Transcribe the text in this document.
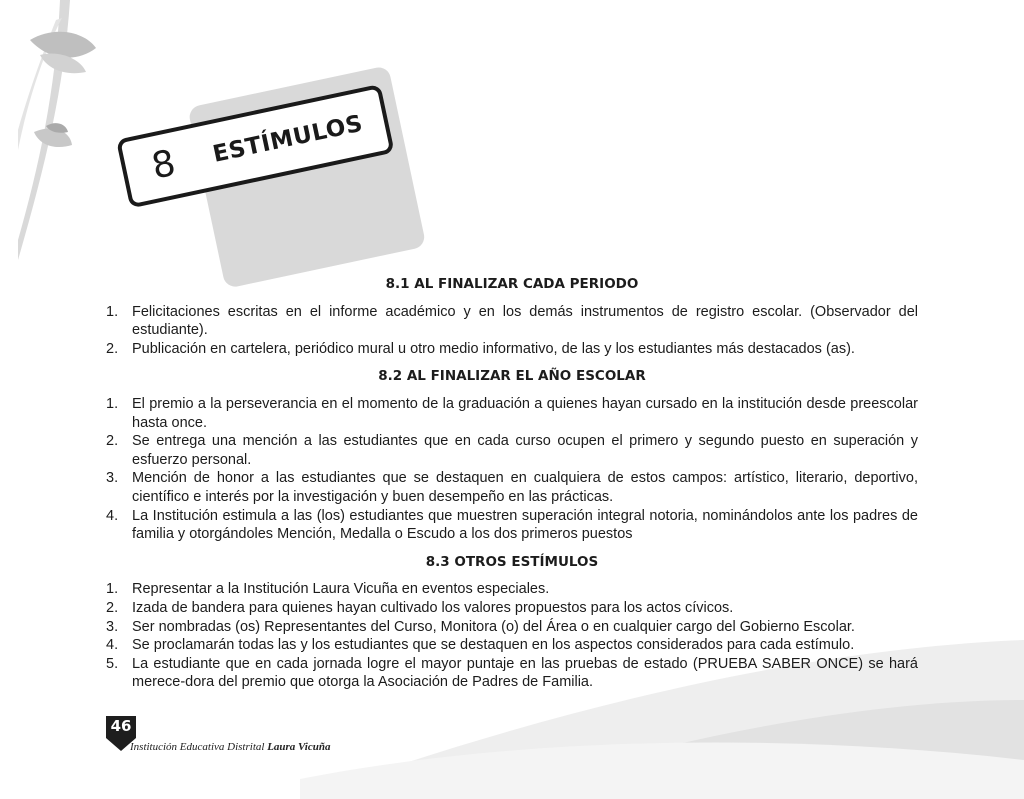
8 ESTÍMULOS
8.1 AL FINALIZAR CADA PERIODO
1. Felicitaciones escritas en el informe académico y en los demás instrumentos de registro escolar. (Observador del estudiante).
2. Publicación en cartelera, periódico mural u otro medio informativo, de las y los estudiantes más destacados (as).
8.2 AL FINALIZAR EL AÑO ESCOLAR
1. El premio a la perseverancia en el momento de la graduación a quienes hayan cursado en la institución desde preescolar hasta once.
2. Se entrega una mención a las estudiantes que en cada curso ocupen el primero y segundo puesto en superación y esfuerzo personal.
3. Mención de honor a las estudiantes que se destaquen en cualquiera de estos campos: artístico, literario, deportivo, científico e interés por la investigación y buen desempeño en las prácticas.
4. La Institución estimula a las (los) estudiantes que muestren superación integral notoria, nominándolos ante los padres de familia y otorgándoles Mención, Medalla o Escudo a los dos primeros puestos
8.3 OTROS ESTÍMULOS
1. Representar a la Institución Laura Vicuña en eventos especiales.
2. Izada de bandera para quienes hayan cultivado los valores propuestos para los actos cívicos.
3. Ser nombradas (os) Representantes del Curso, Monitora (o) del Área o en cualquier cargo del Gobierno Escolar.
4. Se proclamarán todas las y los estudiantes que se destaquen en los aspectos considerados para cada estímulo.
5. La estudiante que en cada jornada logre el mayor puntaje en las pruebas de estado (PRUEBA SABER ONCE) se hará merece-dora del premio que otorga la Asociación de Padres de Familia.
46
Institución Educativa Distrital Laura Vicuña
